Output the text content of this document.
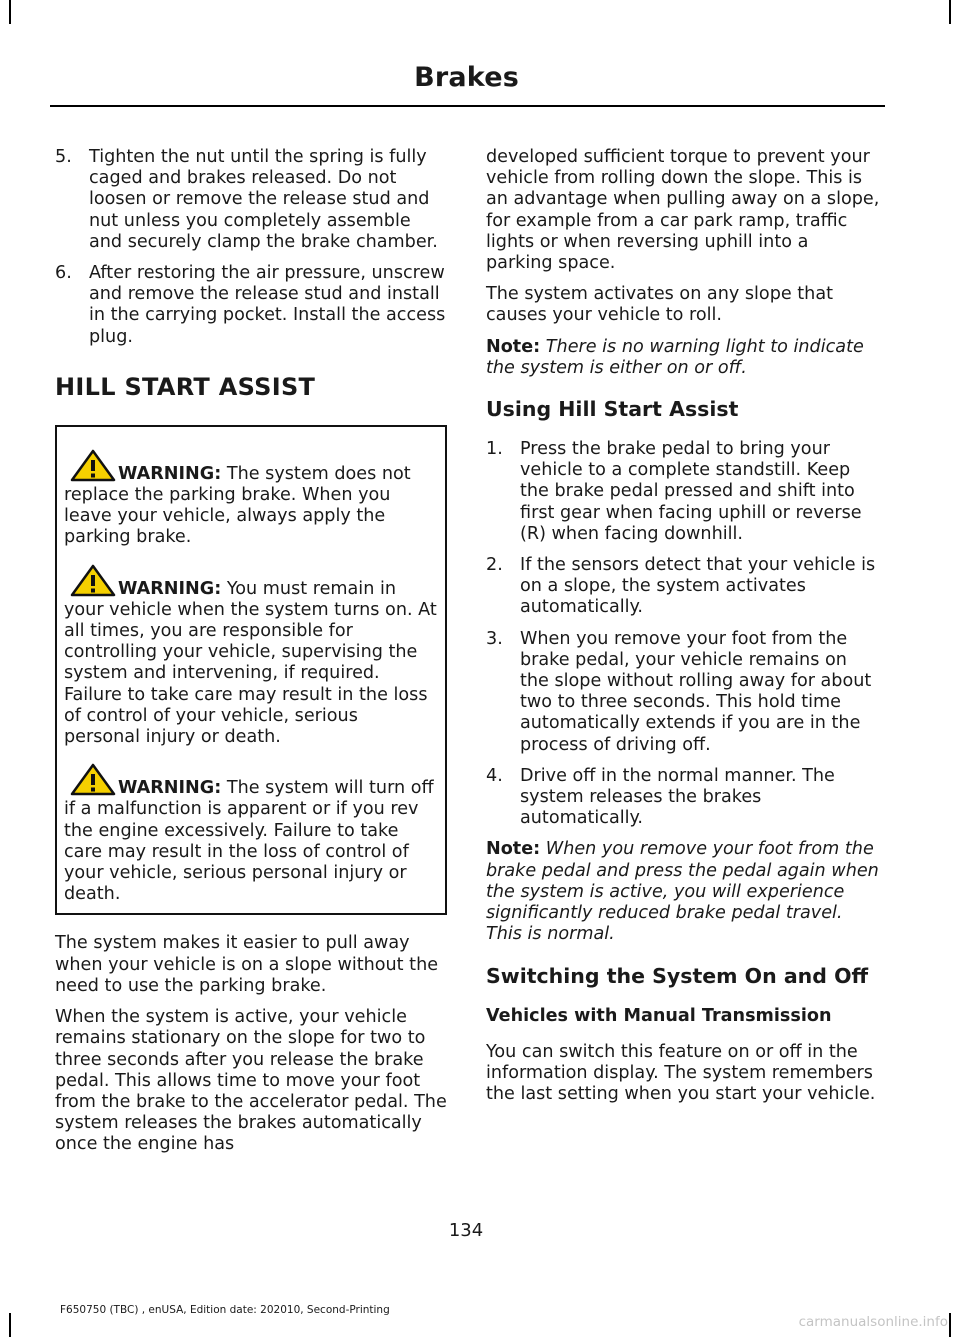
Brakes
5. Tighten the nut until the spring is fully caged and brakes released. Do not loosen or remove the release stud and nut unless you completely assemble and securely clamp the brake chamber.
6. After restoring the air pressure, unscrew and remove the release stud and install in the carrying pocket. Install the access plug.
HILL START ASSIST
WARNING: The system does not replace the parking brake. When you leave your vehicle, always apply the parking brake.
WARNING: You must remain in your vehicle when the system turns on. At all times, you are responsible for controlling your vehicle, supervising the system and intervening, if required. Failure to take care may result in the loss of control of your vehicle, serious personal injury or death.
WARNING: The system will turn off if a malfunction is apparent or if you rev the engine excessively. Failure to take care may result in the loss of control of your vehicle, serious personal injury or death.

The system makes it easier to pull away when your vehicle is on a slope without the need to use the parking brake.

When the system is active, your vehicle remains stationary on the slope for two to three seconds after you release the brake pedal. This allows time to move your foot from the brake to the accelerator pedal. The system releases the brakes automatically once the engine has

developed sufficient torque to prevent your vehicle from rolling down the slope. This is an advantage when pulling away on a slope, for example from a car park ramp, traffic lights or when reversing uphill into a parking space.

The system activates on any slope that causes your vehicle to roll.

Note: There is no warning light to indicate the system is either on or off.

Using Hill Start Assist
1. Press the brake pedal to bring your vehicle to a complete standstill. Keep the brake pedal pressed and shift into first gear when facing uphill or reverse (R) when facing downhill.
2. If the sensors detect that your vehicle is on a slope, the system activates automatically.
3. When you remove your foot from the brake pedal, your vehicle remains on the slope without rolling away for about two to three seconds. This hold time automatically extends if you are in the process of driving off.
4. Drive off in the normal manner. The system releases the brakes automatically.

Note: When you remove your foot from the brake pedal and press the pedal again when the system is active, you will experience significantly reduced brake pedal travel. This is normal.

Switching the System On and Off
Vehicles with Manual Transmission

You can switch this feature on or off in the information display. The system remembers the last setting when you start your vehicle.

134
F650750 (TBC) , enUSA, Edition date: 202010, Second-Printing
carmanualsonline.info
